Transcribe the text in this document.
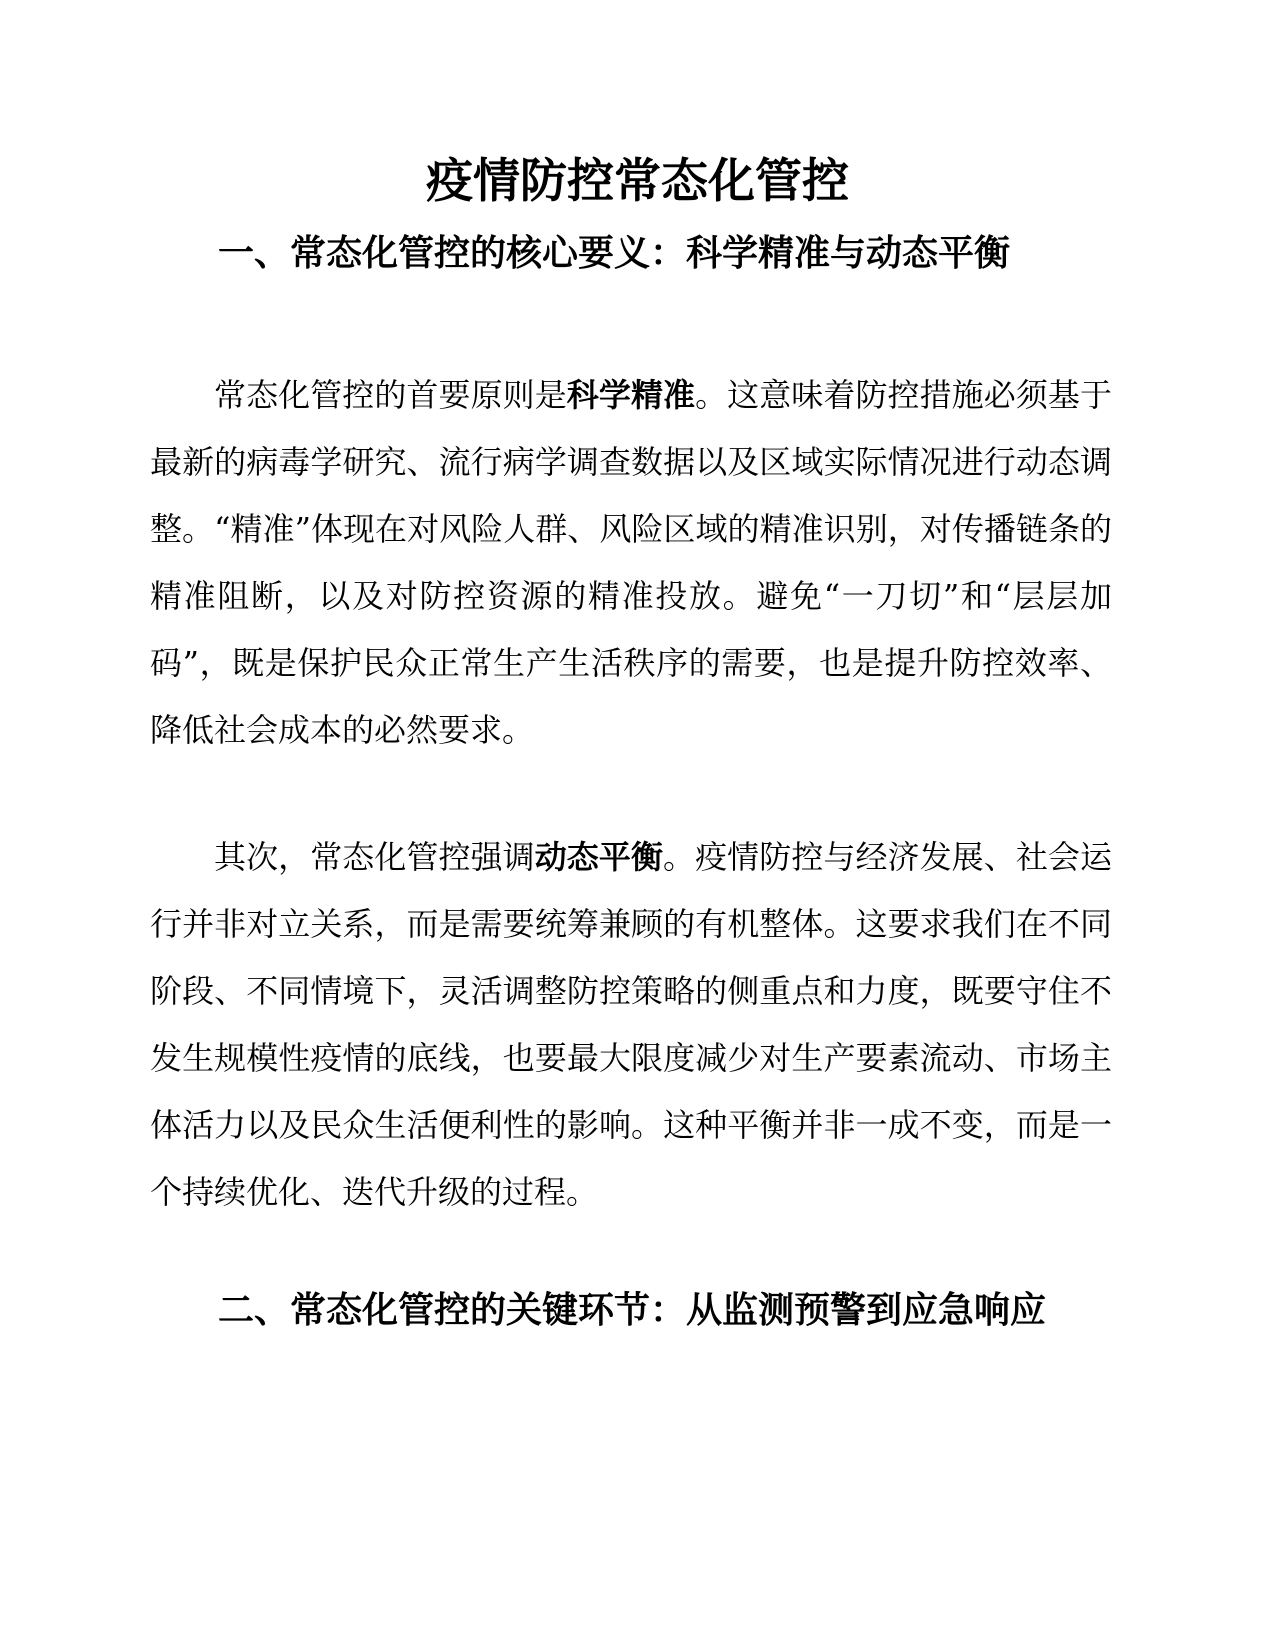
疫情防控常态化管控
一、常态化管控的核心要义：科学精准与动态平衡

常态化管控的首要原则是科学精准。这意味着防控措施必须基于最新的病毒学研究、流行病学调查数据以及区域实际情况进行动态调整。“精准”体现在对风险人群、风险区域的精准识别，对传播链条的精准阻断，以及对防控资源的精准投放。避免“一刀切”和“层层加码”，既是保护民众正常生产生活秩序的需要，也是提升防控效率、降低社会成本的必然要求。

其次，常态化管控强调动态平衡。疫情防控与经济发展、社会运行并非对立关系，而是需要统筹兼顾的有机整体。这要求我们在不同阶段、不同情境下，灵活调整防控策略的侧重点和力度，既要守住不发生规模性疫情的底线，也要最大限度减少对生产要素流动、市场主体活力以及民众生活便利性的影响。这种平衡并非一成不变，而是一个持续优化、迭代升级的过程。

二、常态化管控的关键环节：从监测预警到应急响应
